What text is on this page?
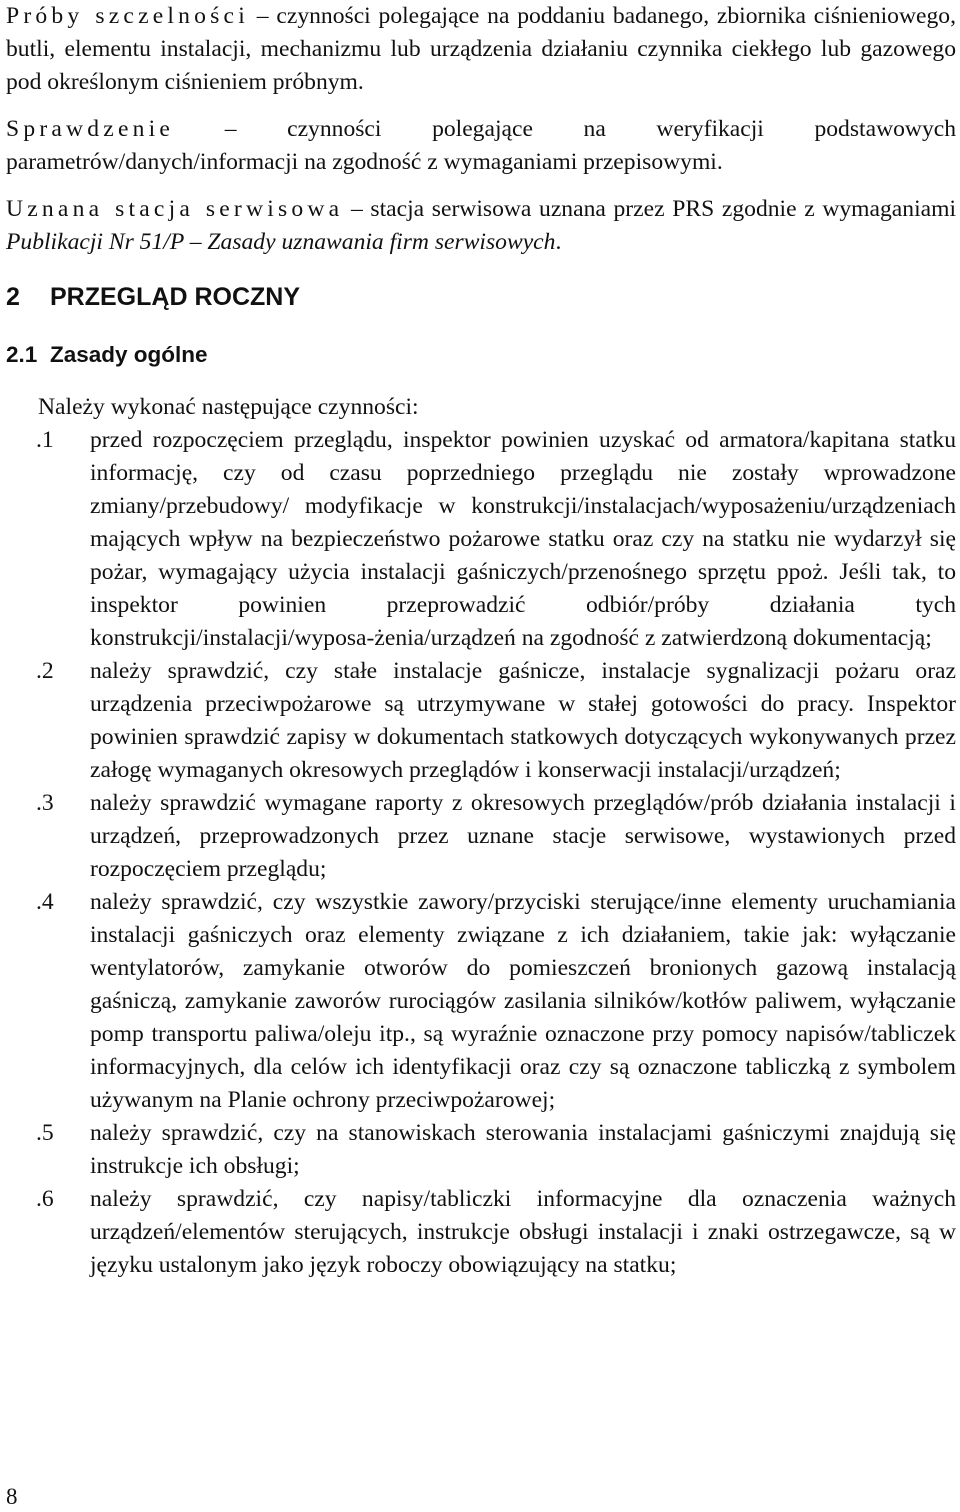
Próby szczelności – czynności polegające na poddaniu badanego, zbiornika ciśnieniowego, butli, elementu instalacji, mechanizmu lub urządzenia działaniu czynnika ciekłego lub gazowego pod określonym ciśnieniem próbnym.

Sprawdzenie – czynności polegające na weryfikacji podstawowych parametrów/danych/informacji na zgodność z wymaganiami przepisowymi.

Uznana stacja serwisowa – stacja serwisowa uznana przez PRS zgodnie z wymaganiami Publikacji Nr 51/P – Zasady uznawania firm serwisowych.

2 PRZEGLĄD ROCZNY
2.1 Zasady ogólne
Należy wykonać następujące czynności:
.1 przed rozpoczęciem przeglądu, inspektor powinien uzyskać od armatora/kapitana statku informację, czy od czasu poprzedniego przeglądu nie zostały wprowadzone zmiany/przebudowy/ modyfikacje w konstrukcji/instalacjach/wyposażeniu/urządzeniach mających wpływ na bezpieczeństwo pożarowe statku oraz czy na statku nie wydarzył się pożar, wymagający użycia instalacji gaśniczych/przenośnego sprzętu ppoż. Jeśli tak, to inspektor powinien przeprowadzić odbiór/próby działania tych konstrukcji/instalacji/wyposa-żenia/urządzeń na zgodność z zatwierdzoną dokumentacją;
.2 należy sprawdzić, czy stałe instalacje gaśnicze, instalacje sygnalizacji pożaru oraz urządzenia przeciwpożarowe są utrzymywane w stałej gotowości do pracy. Inspektor powinien sprawdzić zapisy w dokumentach statkowych dotyczących wykonywanych przez załogę wymaganych okresowych przeglądów i konserwacji instalacji/urządzeń;
.3 należy sprawdzić wymagane raporty z okresowych przeglądów/prób działania instalacji i urządzeń, przeprowadzonych przez uznane stacje serwisowe, wystawionych przed rozpoczęciem przeglądu;
.4 należy sprawdzić, czy wszystkie zawory/przyciski sterujące/inne elementy uruchamiania instalacji gaśniczych oraz elementy związane z ich działaniem, takie jak: wyłączanie wentylatorów, zamykanie otworów do pomieszczeń bronionych gazową instalacją gaśniczą, zamykanie zaworów rurociągów zasilania silników/kotłów paliwem, wyłączanie pomp transportu paliwa/oleju itp., są wyraźnie oznaczone przy pomocy napisów/tabliczek informacyjnych, dla celów ich identyfikacji oraz czy są oznaczone tabliczką z symbolem używanym na Planie ochrony przeciwpożarowej;
.5 należy sprawdzić, czy na stanowiskach sterowania instalacjami gaśniczymi znajdują się instrukcje ich obsługi;
.6 należy sprawdzić, czy napisy/tabliczki informacyjne dla oznaczenia ważnych urządzeń/elementów sterujących, instrukcje obsługi instalacji i znaki ostrzegawcze, są w języku ustalonym jako język roboczy obowiązujący na statku;
8
